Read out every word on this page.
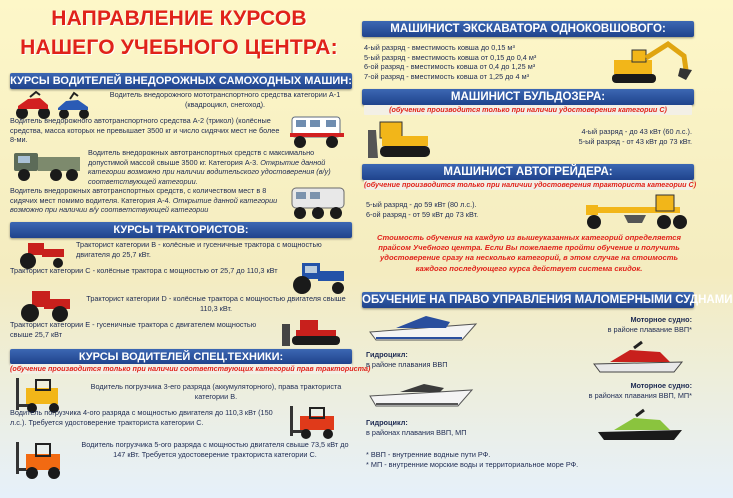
НАПРАВЛЕНИЕ КУРСОВ НАШЕГО УЧЕБНОГО ЦЕНТРА:
КУРСЫ ВОДИТЕЛЕЙ ВНЕДОРОЖНЫХ САМОХОДНЫХ МАШИН:
Водитель внедорожного мототранспортного средства категории А-1 (квадроцикл, снегоход).
Водитель внедорожного автотранспортного средства А-2 (трикол) (колёсные средства, масса которых не превышает 3500 кг и число сидячих мест не более 8-ми.
Водитель внедорожных автотранспортных средств с максимально допустимой массой свыше 3500 кг. Категория А-3. Открытие данной категории возможно при наличии водительского удостоверения (в/у) соответствующей категории.
Водитель внедорожных автотранспортных средств, с количеством мест в 8 сидячих мест помимо водителя. Категория А-4. Открытие данной категории возможно при наличии в/у соответствующей категории
КУРСЫ ТРАКТОРИСТОВ:
Тракторист категории B - колёсные и гусеничные трактора с мощностью двигателя до 25,7 кВт.
Тракторист категории С - колёсные трактора с мощностью от 25,7 до 110,3 кВт
Тракторист категории D - колёсные трактора с мощностью двигателя свыше 110,3 кВт.
Тракторист категории E - гусеничные трактора с двигателем мощностью свыше 25,7 кВт
КУРСЫ ВОДИТЕЛЕЙ СПЕЦ.ТЕХНИКИ:
(обучение производится только при наличии соответствующих категорий прав тракториста)
Водитель погрузчика 3-его разряда (аккумуляторного), права тракториста категории В.
Водитель погрузчика 4-ого разряда с мощностью двигателя до 110,3 кВт (150 л.с.). Требуется удостоверение тракториста категории С.
Водитель погрузчика 5-ого разряда с мощностью двигателя свыше 73,5 кВт до 147 кВт. Требуется удостоверение тракториста категории С.
МАШИНИСТ ЭКСКАВАТОРА ОДНОКОВШОВОГО:
4-ый разряд - вместимость ковша до 0,15 м³
5-ый разряд - вместимость ковша от 0,15 до 0,4 м³
6-ой разряд - вместимость ковша от 0,4 до 1,25 м³
7-ой разряд - вместимость ковша от 1,25 до 4 м³
МАШИНИСТ БУЛЬДОЗЕРА:
(обучение производится только при наличии удостоверения категории С)
4-ый разряд - до 43 кВт (60 л.с.).
5-ый разряд - от 43 кВт до 73 кВт.
МАШИНИСТ АВТОГРЕЙДЕРА:
(обучение производится только при наличии удостоверения тракториста категории С)
5-ый разряд - до 59 кВт (80 л.с.).
6-ой разряд - от 59 кВт до 73 кВт.
Стоимость обучения на каждую из вышеуказанных категорий определяется прайсом Учебного центра. Если Вы пожелаете пройти обучение и получить удостоверение сразу на несколько категорий, в этом случае на стоимость каждого последующего курса действует система скидок.
ОБУЧЕНИЕ НА ПРАВО УПРАВЛЕНИЯ МАЛОМЕРНЫМИ СУДНАМИ
Моторное судно:
в районе плавание ВВП*
Гидроцикл:
в районе плавания ВВП
Моторное судно:
в районах плавания ВВП, МП*
Гидроцикл:
в районах плавания ВВП, МП
* ВВП - внутренние водные пути РФ.
* МП - внутренние морские воды и территориальное море РФ.
